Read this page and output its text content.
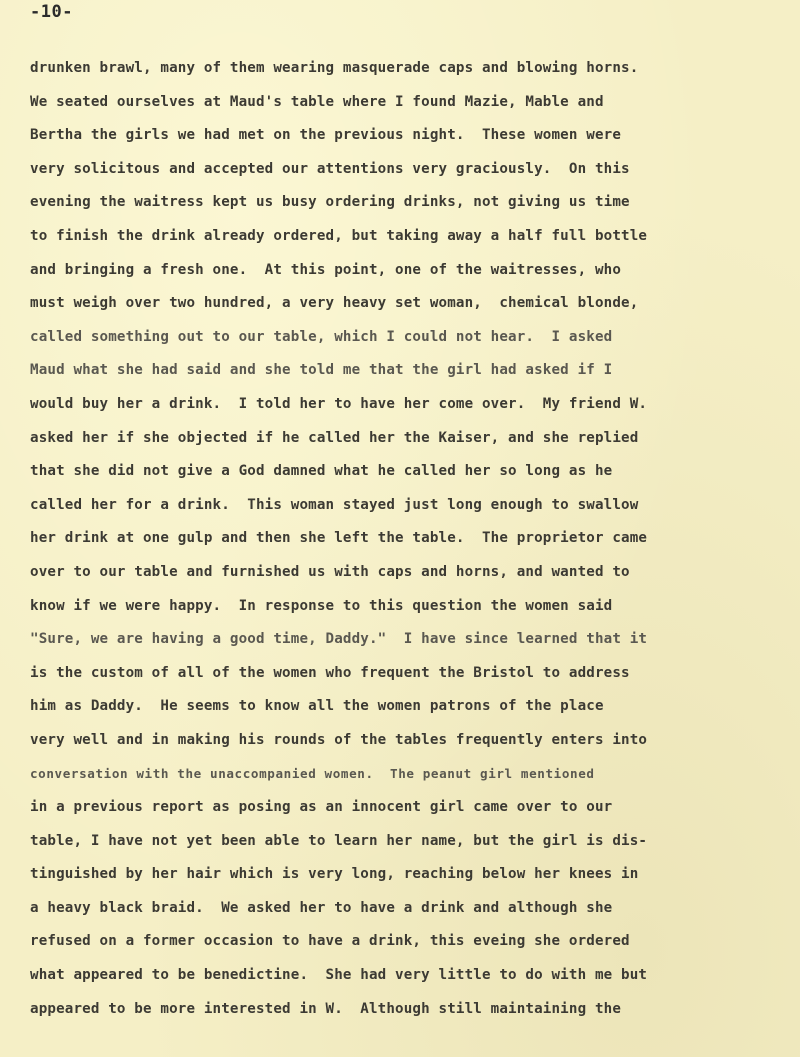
-10-
drunken brawl, many of them wearing masquerade caps and blowing horns.
We seated ourselves at Maud's table where I found Mazie, Mable and
Bertha the girls we had met on the previous night.  These women were
very solicitous and accepted our attentions very graciously.  On this
evening the waitress kept us busy ordering drinks, not giving us time
to finish the drink already ordered, but taking away a half full bottle
and bringing a fresh one.  At this point, one of the waitresses, who
must weigh over two hundred, a very heavy set woman,  chemical blonde,
called something out to our table, which I could not hear.  I asked
Maud what she had said and she told me that the girl had asked if I
would buy her a drink.  I told her to have her come over.  My friend W.
asked her if she objected if he called her the Kaiser, and she replied
that she did not give a God damned what he called her so long as he
called her for a drink.  This woman stayed just long enough to swallow
her drink at one gulp and then she left the table.  The proprietor came
over to our table and furnished us with caps and horns, and wanted to
know if we were happy.  In response to this question the women said
"Sure, we are having a good time, Daddy."  I have since learned that it
is the custom of all of the women who frequent the Bristol to address
him as Daddy.  He seems to know all the women patrons of the place
very well and in making his rounds of the tables frequently enters into
conversation with the unaccompanied women.  The peanut girl mentioned
in a previous report as posing as an innocent girl came over to our
table, I have not yet been able to learn her name, but the girl is dis-
tinguished by her hair which is very long, reaching below her knees in
a heavy black braid.  We asked her to have a drink and although she
refused on a former occasion to have a drink, this eveing she ordered
what appeared to be benedictine.  She had very little to do with me but
appeared to be more interested in W.  Although still maintaining the
